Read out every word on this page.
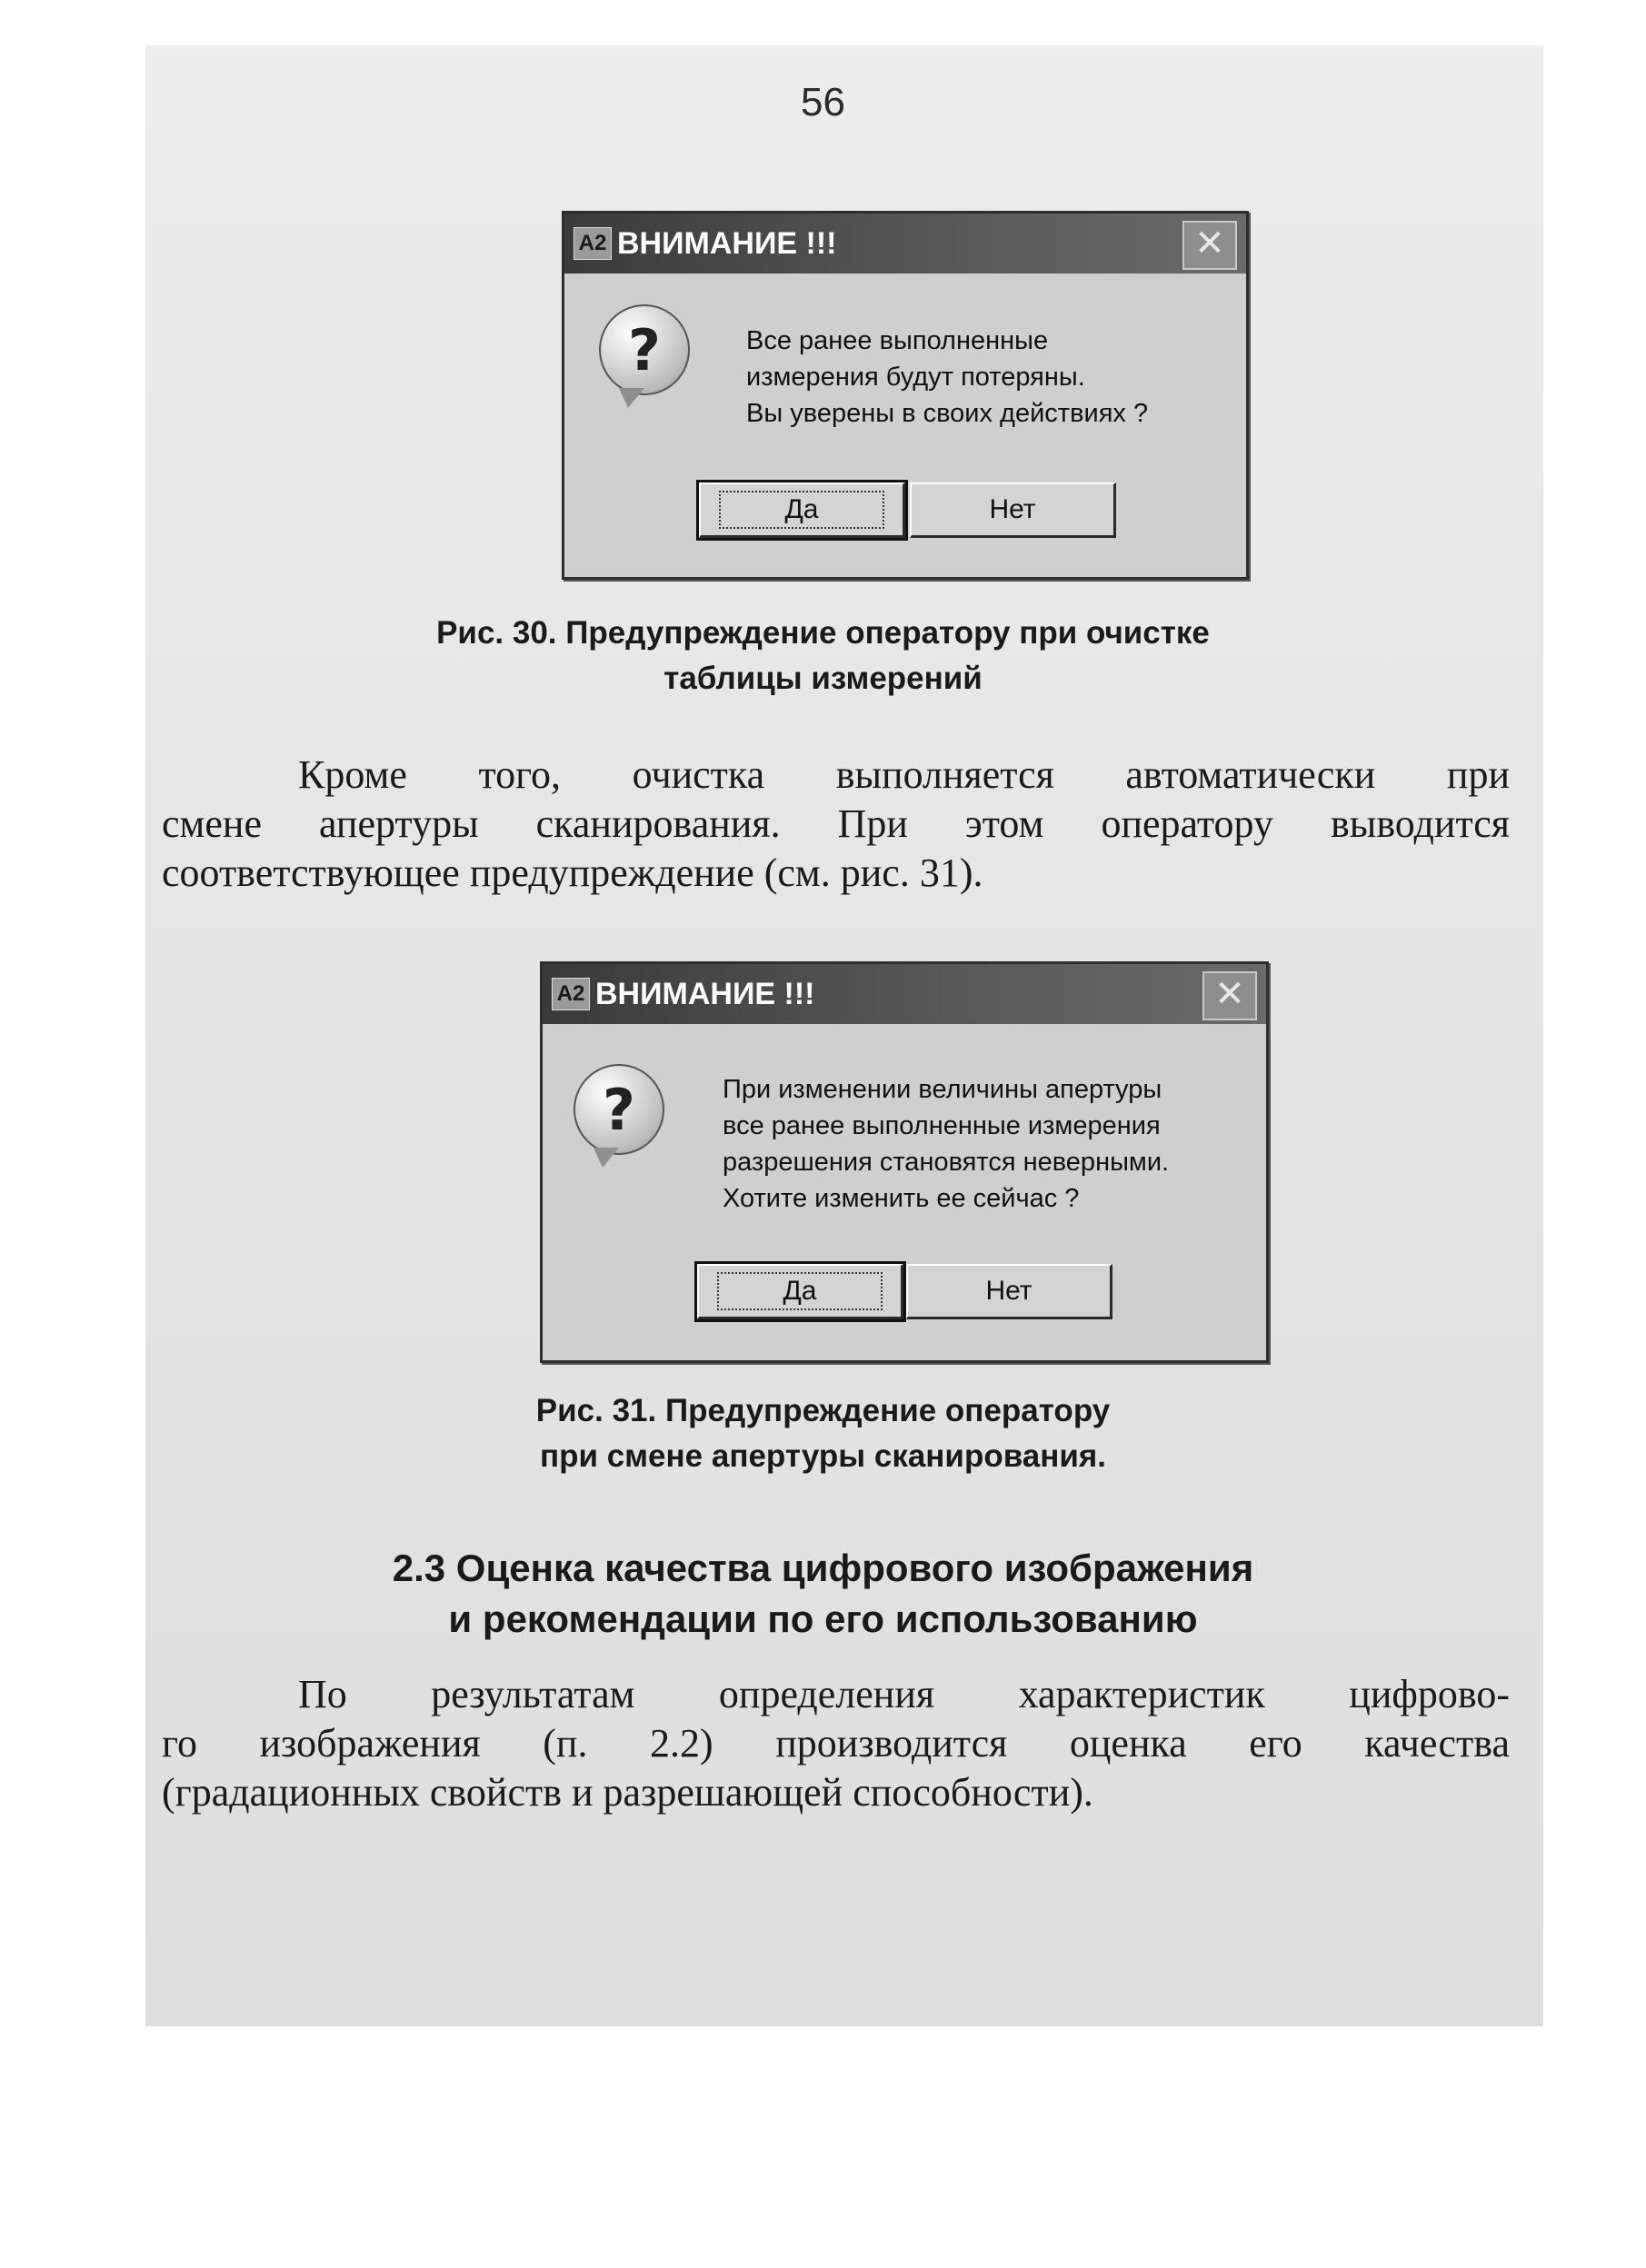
56
A2 ВНИМАНИЕ !!!	✕
?	Все ранее выполненные
измерения будут потеряны.
Вы уверены в своих действиях ?
Да	Нет
Рис. 30. Предупреждение оператору при очистке
таблицы измерений
Кроме того, очистка выполняется автоматически при
смене апертуры сканирования. При этом оператору выводится
соответствующее предупреждение (см. рис. 31).
A2 ВНИМАНИЕ !!!	✕
?	При изменении величины апертуры
все ранее выполненные измерения
разрешения становятся неверными.
Хотите изменить ее сейчас ?
Да	Нет
Рис. 31. Предупреждение оператору
при смене апертуры сканирования.
2.3 Оценка качества цифрового изображения
и рекомендации по его использованию
По результатам определения характеристик цифрово-
го изображения (п. 2.2) производится оценка его качества
(градационных свойств и разрешающей способности).
